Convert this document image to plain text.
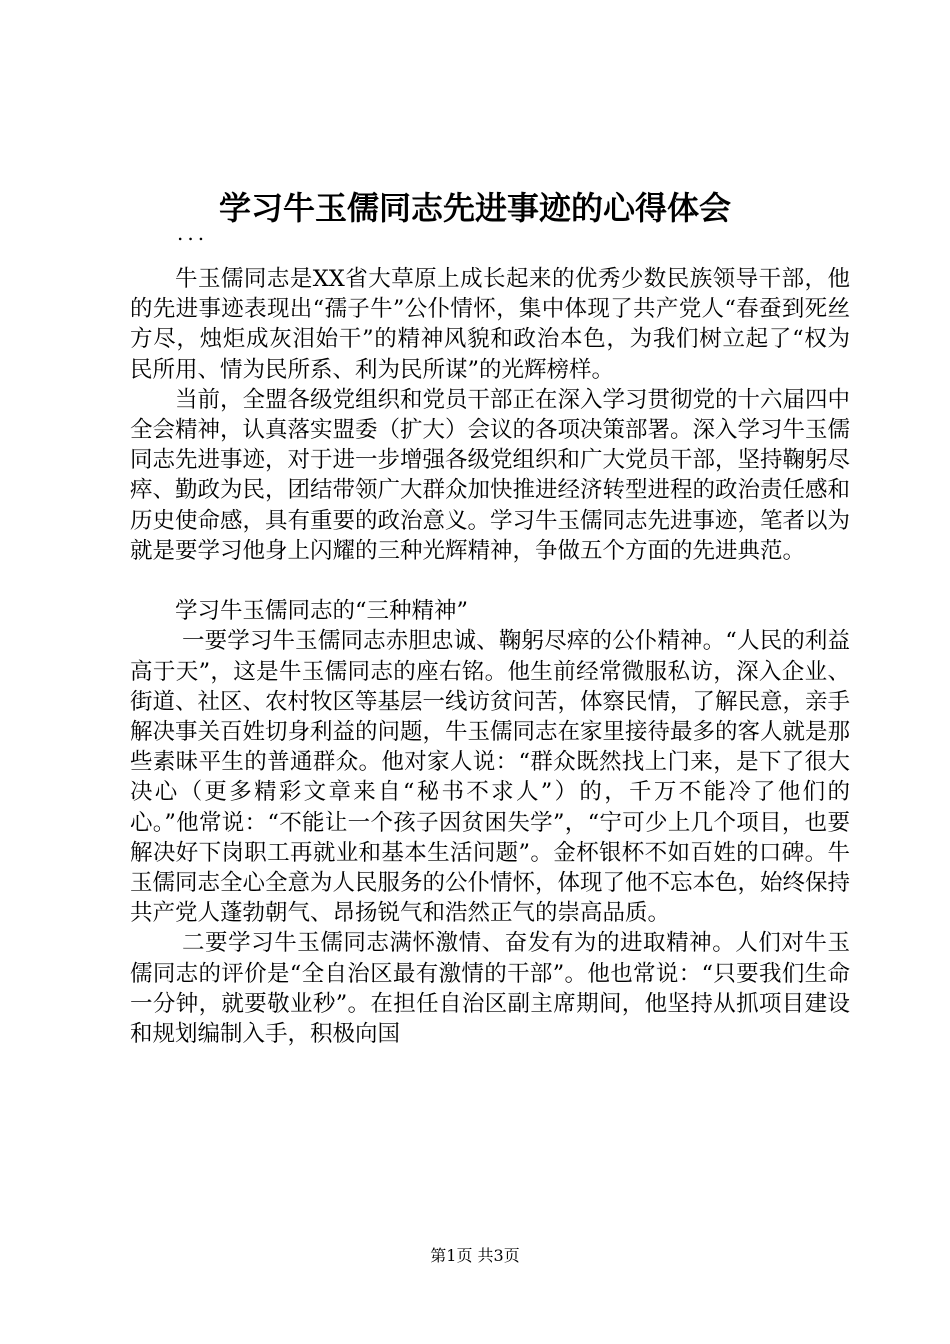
学习牛玉儒同志先进事迹的心得体会
...

牛玉儒同志是XX省大草原上成长起来的优秀少数民族领导干部，他的先进事迹表现出“孺子牛”公仆情怀，集中体现了共产党人“春蚕到死丝方尽，烛炬成灰泪始干”的精神风貌和政治本色，为我们树立起了“权为民所用、情为民所系、利为民所谋”的光辉榜样。

当前，全盟各级党组织和党员干部正在深入学习贯彻党的十六届四中全会精神，认真落实盟委（扩大）会议的各项决策部署。深入学习牛玉儒同志先进事迹，对于进一步增强各级党组织和广大党员干部，坚持鞠躬尽瘁、勤政为民，团结带领广大群众加快推进经济转型进程的政治责任感和历史使命感，具有重要的政治意义。学习牛玉儒同志先进事迹，笔者以为就是要学习他身上闪耀的三种光辉精神，争做五个方面的先进典范。

学习牛玉儒同志的“三种精神”

一要学习牛玉儒同志赤胆忠诚、鞠躬尽瘁的公仆精神。“人民的利益高于天”，这是牛玉儒同志的座右铭。他生前经常微服私访，深入企业、街道、社区、农村牧区等基层一线访贫问苦，体察民情，了解民意，亲手解决事关百姓切身利益的问题，牛玉儒同志在家里接待最多的客人就是那些素昧平生的普通群众。他对家人说：“群众既然找上门来，是下了很大决心（更多精彩文章来自“秘书不求人”）的，千万不能冷了他们的心。”他常说：“不能让一个孩子因贫困失学”，“宁可少上几个项目，也要解决好下岗职工再就业和基本生活问题”。金杯银杯不如百姓的口碑。牛玉儒同志全心全意为人民服务的公仆情怀，体现了他不忘本色，始终保持共产党人蓬勃朝气、昂扬锐气和浩然正气的崇高品质。

二要学习牛玉儒同志满怀激情、奋发有为的进取精神。人们对牛玉儒同志的评价是“全自治区最有激情的干部”。他也常说：“只要我们生命一分钟，就要敬业秒”。在担任自治区副主席期间，他坚持从抓项目建设和规划编制入手，积极向国

第1页 共3页
